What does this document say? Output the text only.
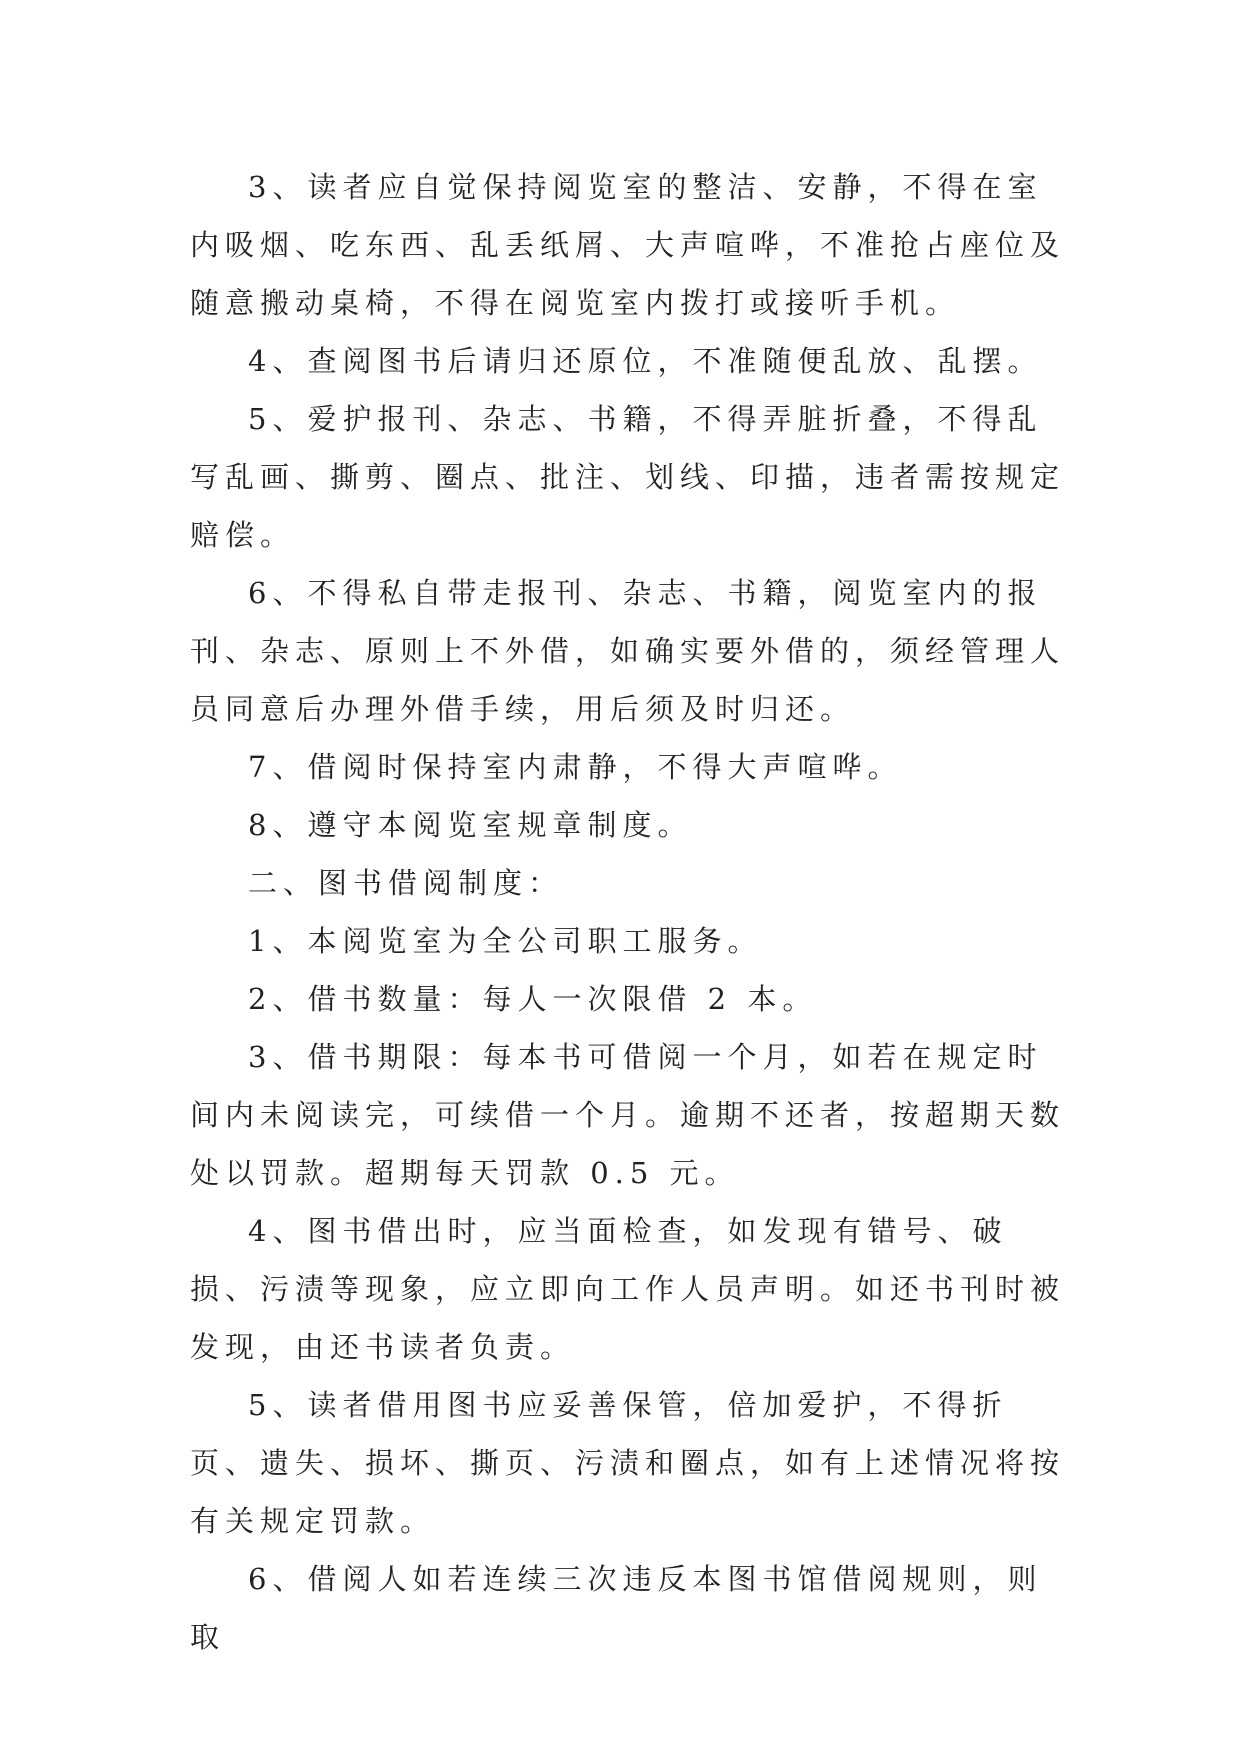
3、读者应自觉保持阅览室的整洁、安静，不得在室内吸烟、吃东西、乱丢纸屑、大声喧哗，不准抢占座位及随意搬动桌椅，不得在阅览室内拨打或接听手机。

4、查阅图书后请归还原位，不准随便乱放、乱摆。

5、爱护报刊、杂志、书籍，不得弄脏折叠，不得乱写乱画、撕剪、圈点、批注、划线、印描，违者需按规定赔偿。

6、不得私自带走报刊、杂志、书籍，阅览室内的报刊、杂志、原则上不外借，如确实要外借的，须经管理人员同意后办理外借手续，用后须及时归还。

7、借阅时保持室内肃静，不得大声喧哗。

8、遵守本阅览室规章制度。

二、图书借阅制度：

1、本阅览室为全公司职工服务。

2、借书数量：每人一次限借 2 本。

3、借书期限：每本书可借阅一个月，如若在规定时间内未阅读完，可续借一个月。逾期不还者，按超期天数处以罚款。超期每天罚款 0.5 元。

4、图书借出时，应当面检查，如发现有错号、破损、污渍等现象，应立即向工作人员声明。如还书刊时被发现，由还书读者负责。

5、读者借用图书应妥善保管，倍加爱护，不得折页、遗失、损坏、撕页、污渍和圈点，如有上述情况将按有关规定罚款。

6、借阅人如若连续三次违反本图书馆借阅规则，则取
